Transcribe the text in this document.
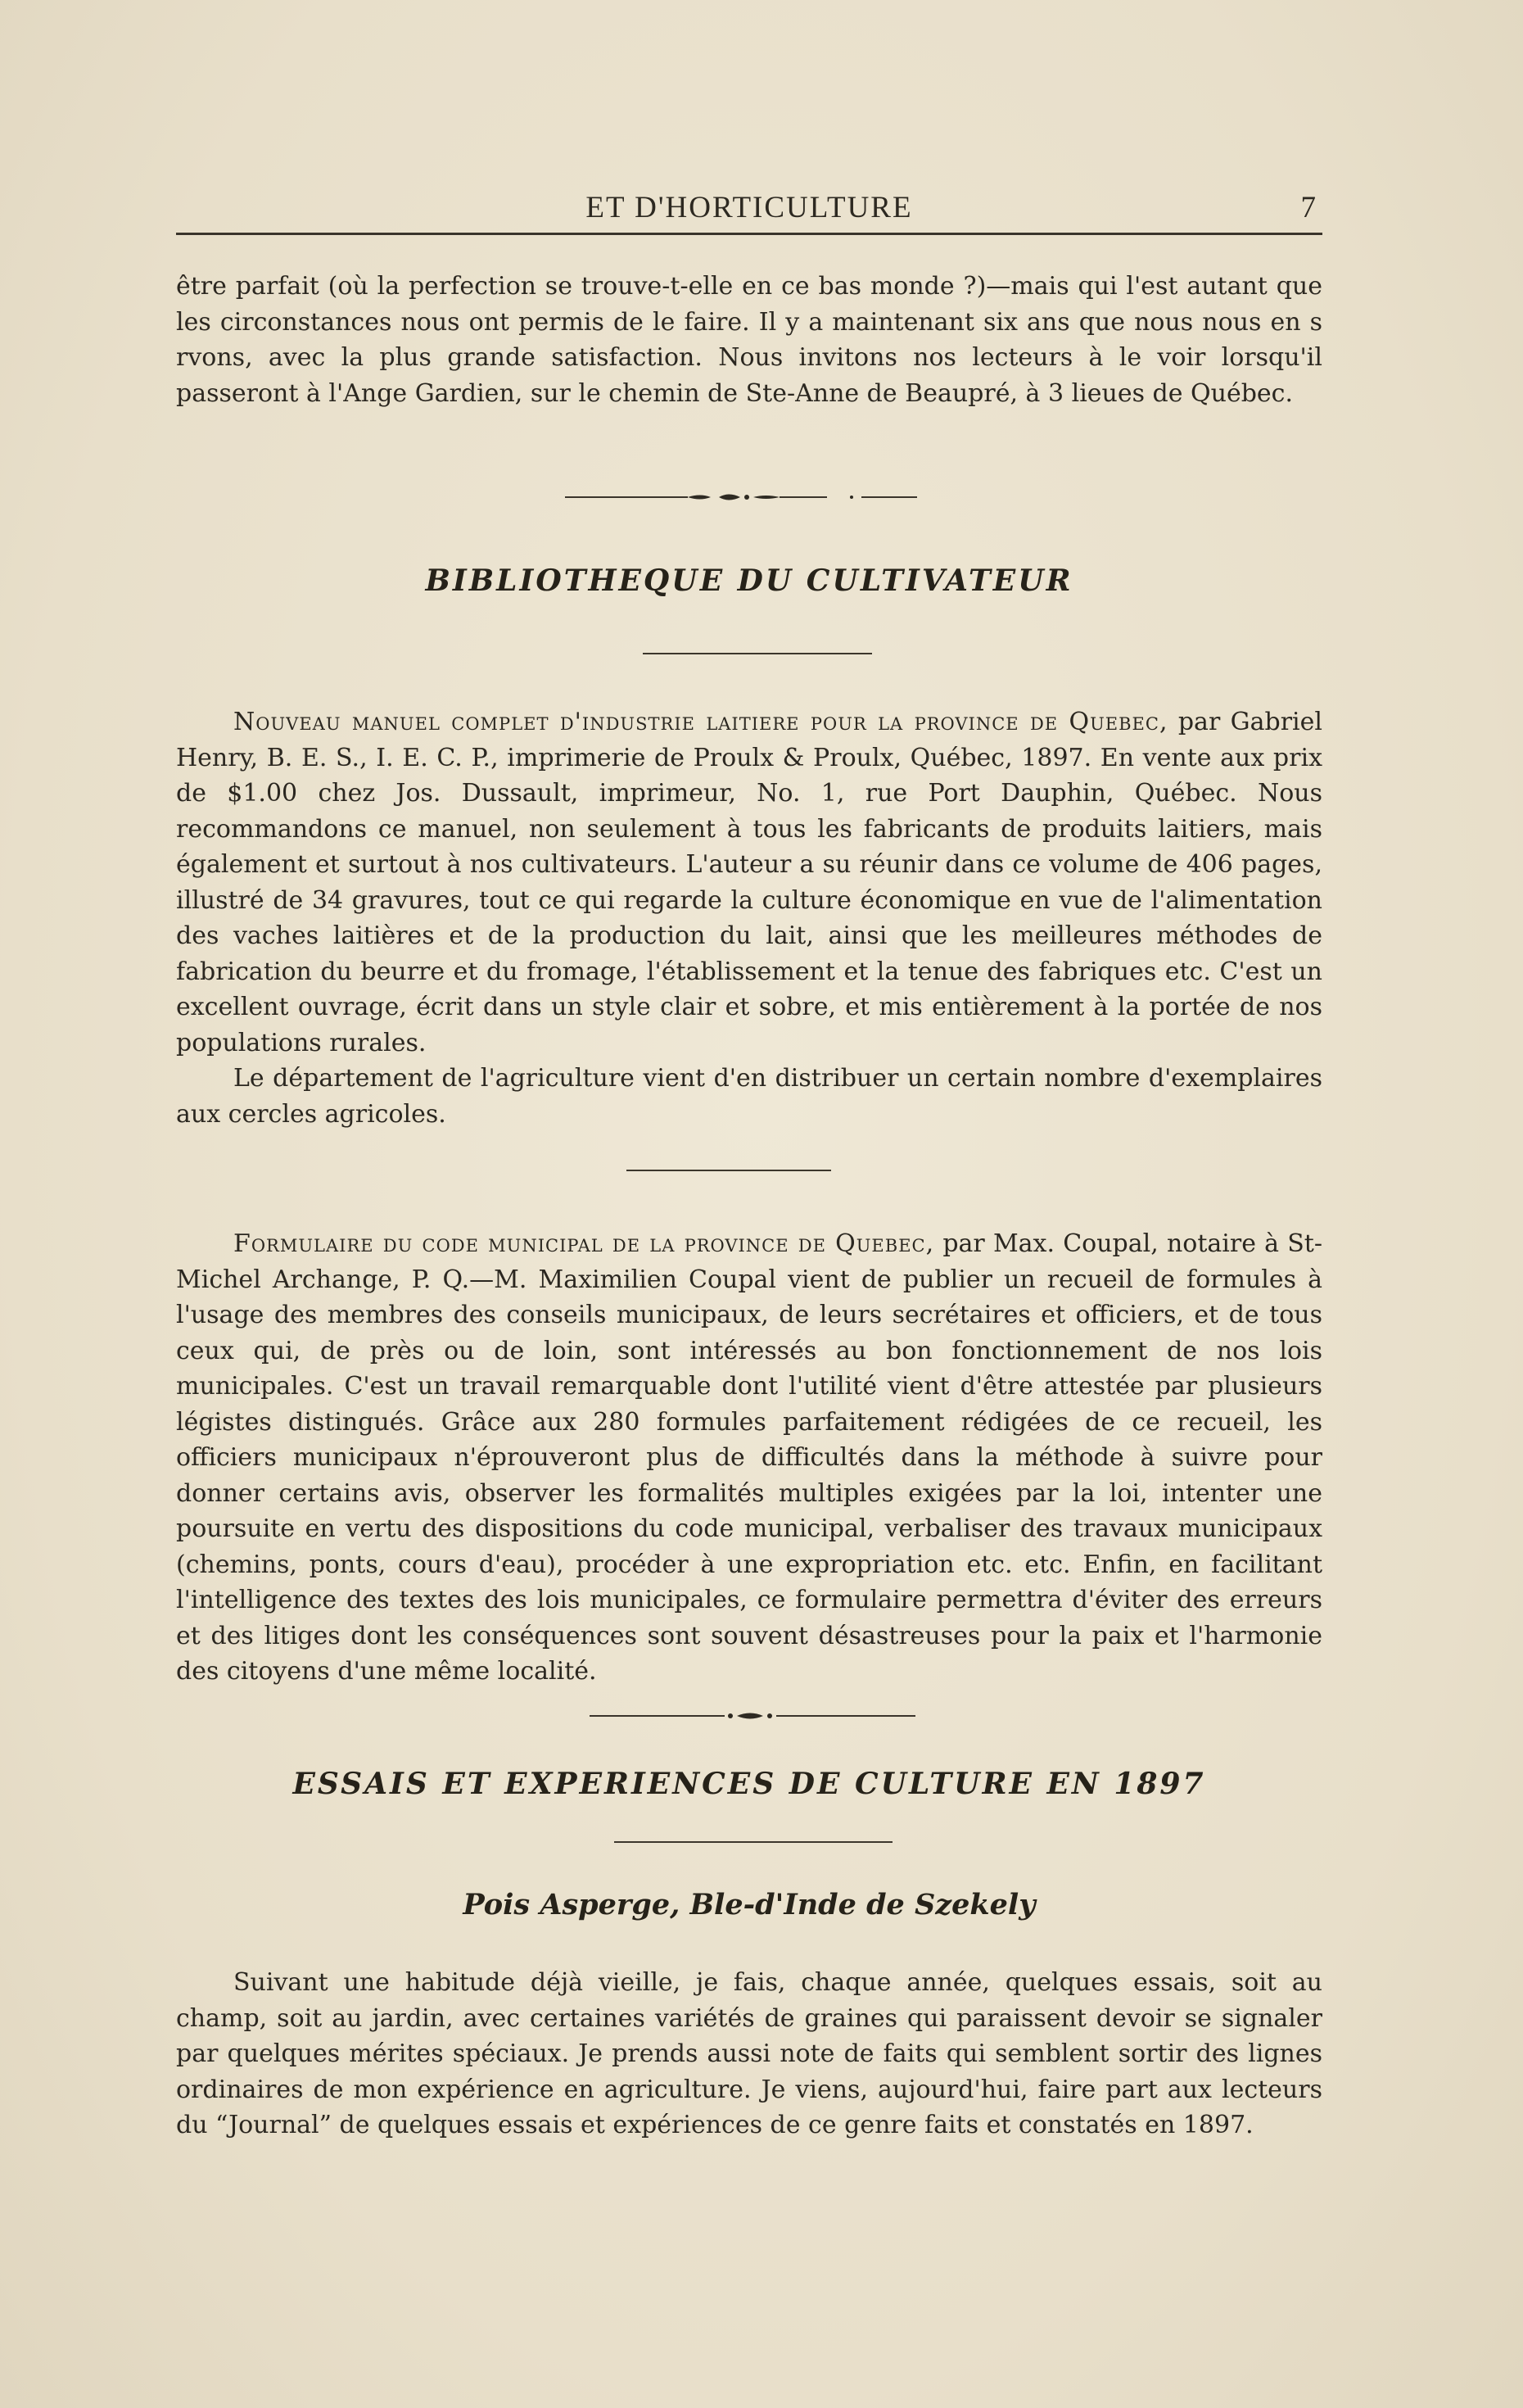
ET D'HORTICULTURE	7

être parfait (où la perfection se trouve-t-elle en ce bas monde ?)—mais qui l'est autant que les circonstances nous ont permis de le faire. Il y a maintenant six ans que nous nous en s rvons, avec la plus grande satisfaction. Nous invitons nos lecteurs à le voir lorsqu'il passeront à l'Ange Gardien, sur le chemin de Ste-Anne de Beaupré, à 3 lieues de Québec.

BIBLIOTHEQUE DU CULTIVATEUR

Nouveau manuel complet d'industrie laitiere pour la province de Quebec, par Gabriel Henry, B. E. S., I. E. C. P., imprimerie de Proulx & Proulx, Québec, 1897. En vente aux prix de $1.00 chez Jos. Dussault, imprimeur, No. 1, rue Port Dauphin, Québec. Nous recommandons ce manuel, non seulement à tous les fabricants de produits laitiers, mais également et surtout à nos cultivateurs. L'auteur a su réunir dans ce volume de 406 pages, illustré de 34 gravures, tout ce qui regarde la culture économique en vue de l'alimentation des vaches laitières et de la production du lait, ainsi que les meilleures méthodes de fabrication du beurre et du fromage, l'établissement et la tenue des fabriques etc. C'est un excellent ouvrage, écrit dans un style clair et sobre, et mis entièrement à la portée de nos populations rurales.

Le département de l'agriculture vient d'en distribuer un certain nombre d'exemplaires aux cercles agricoles.

Formulaire du code municipal de la province de Quebec, par Max. Coupal, notaire à St-Michel Archange, P. Q.—M. Maximilien Coupal vient de publier un recueil de formules à l'usage des membres des conseils municipaux, de leurs secrétaires et officiers, et de tous ceux qui, de près ou de loin, sont intéressés au bon fonctionnement de nos lois municipales. C'est un travail remarquable dont l'utilité vient d'être attestée par plusieurs légistes distingués. Grâce aux 280 formules parfaitement rédigées de ce recueil, les officiers municipaux n'éprouveront plus de difficultés dans la méthode à suivre pour donner certains avis, observer les formalités multiples exigées par la loi, intenter une poursuite en vertu des dispositions du code municipal, verbaliser des travaux municipaux (chemins, ponts, cours d'eau), procéder à une expropriation etc. etc. Enfin, en facilitant l'intelligence des textes des lois municipales, ce formulaire permettra d'éviter des erreurs et des litiges dont les conséquences sont souvent désastreuses pour la paix et l'harmonie des citoyens d'une même localité.

ESSAIS ET EXPERIENCES DE CULTURE EN 1897
Pois Asperge, Ble-d'Inde de Szekely

Suivant une habitude déjà vieille, je fais, chaque année, quelques essais, soit au champ, soit au jardin, avec certaines variétés de graines qui paraissent devoir se signaler par quelques mérites spéciaux. Je prends aussi note de faits qui semblent sortir des lignes ordinaires de mon expérience en agriculture. Je viens, aujourd'hui, faire part aux lecteurs du “Journal” de quelques essais et expériences de ce genre faits et constatés en 1897.
